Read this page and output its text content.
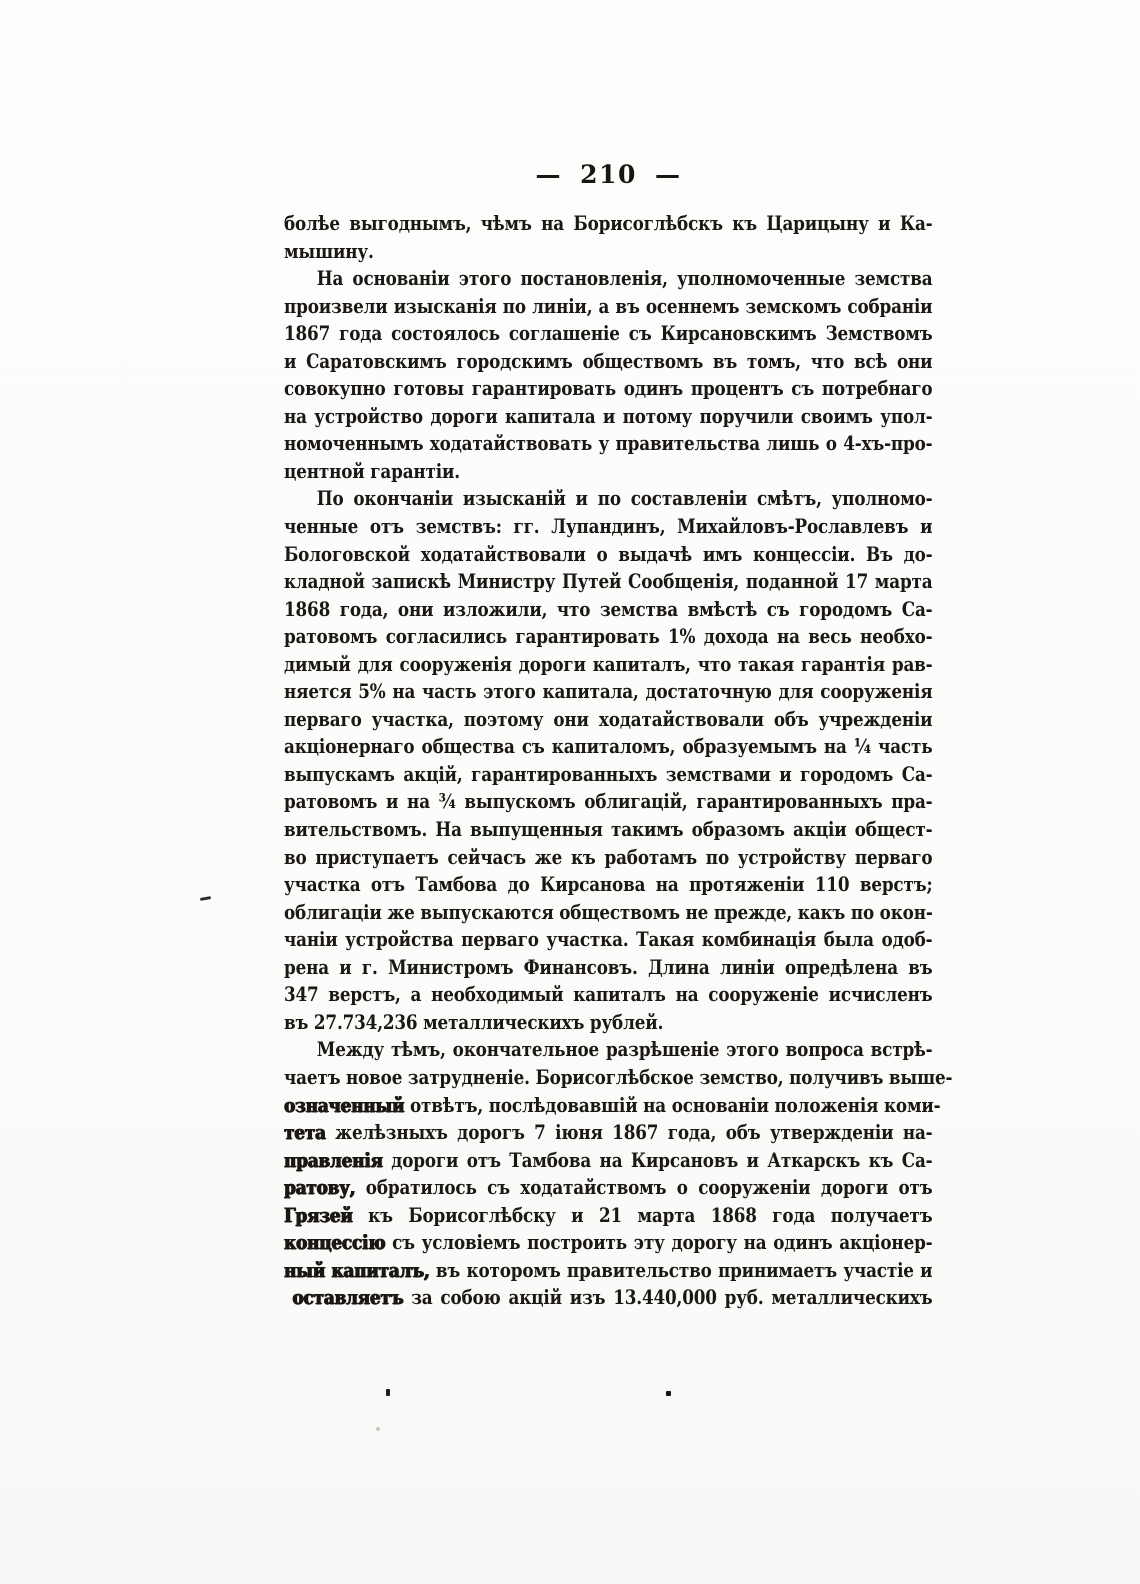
— 210 —
болѣе выгоднымъ, чѣмъ на Борисоглѣбскъ къ Царицыну и Ка-
мышину.
На основаніи этого постановленія, уполномоченные земства
произвели изысканія по линіи, а въ осеннемъ земскомъ собраніи
1867 года состоялось соглашеніе съ Кирсановскимъ Земствомъ
и Саратовскимъ городскимъ обществомъ въ томъ, что всѣ они
совокупно готовы гарантировать одинъ процентъ съ потребнаго
на устройство дороги капитала и потому поручили своимъ упол-
номоченнымъ ходатайствовать у правительства лишь о 4-хъ-про-
центной гарантіи.
По окончаніи изысканій и по составленіи смѣтъ, уполномо-
ченные отъ земствъ: гг. Лупандинъ, Михайловъ-Рославлевъ и
Бологовской ходатайствовали о выдачѣ имъ концессіи. Въ до-
кладной запискѣ Министру Путей Сообщенія, поданной 17 марта
1868 года, они изложили, что земства вмѣстѣ съ городомъ Са-
ратовомъ согласились гарантировать 1% дохода на весь необхо-
димый для сооруженія дороги капиталъ, что такая гарантія рав-
няется 5% на часть этого капитала, достаточную для сооруженія
перваго участка, поэтому они ходатайствовали объ учрежденіи
акціонернаго общества съ капиталомъ, образуемымъ на ¹⁄₄ часть
выпускамъ акцій, гарантированныхъ земствами и городомъ Са-
ратовомъ и на ³⁄₄ выпускомъ облигацій, гарантированныхъ пра-
вительствомъ. На выпущенныя такимъ образомъ акціи общест-
во приступаетъ сейчасъ же къ работамъ по устройству перваго
участка отъ Тамбова до Кирсанова на протяженіи 110 верстъ;
облигаціи же выпускаются обществомъ не прежде, какъ по окон-
чаніи устройства перваго участка. Такая комбинація была одоб-
рена и г. Министромъ Финансовъ. Длина линіи опредѣлена въ
347 верстъ, а необходимый капиталъ на сооруженіе исчисленъ
въ 27.734,236 металлическихъ рублей.
Между тѣмъ, окончательное разрѣшеніе этого вопроса встрѣ-
чаетъ новое затрудненіе. Борисоглѣбское земство, получивъ выше-
означенный отвѣтъ, послѣдовавшій на основаніи положенія коми-
тета желѣзныхъ дорогъ 7 іюня 1867 года, объ утвержденіи на-
правленія дороги отъ Тамбова на Кирсановъ и Аткарскъ къ Са-
ратову, обратилось съ ходатайствомъ о сооруженіи дороги отъ
Грязей къ Борисоглѣбску и 21 марта 1868 года получаетъ
концессію съ условіемъ построить эту дорогу на одинъ акціонер-
ный капиталъ, въ которомъ правительство принимаетъ участіе и
оставляетъ за собою акцій изъ 13.440,000 руб. металлическихъ
